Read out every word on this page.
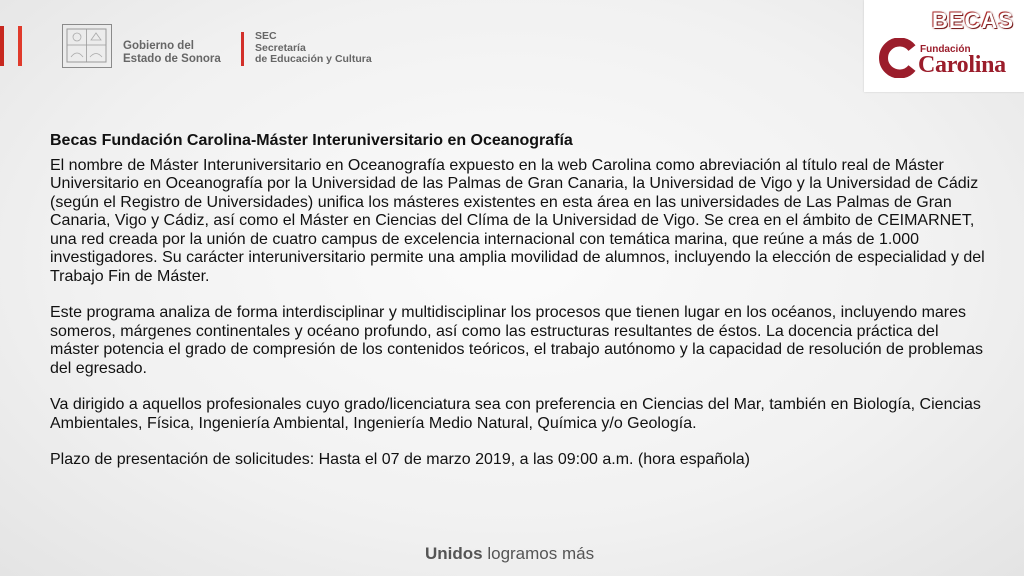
Gobierno del
Estado de Sonora
SEC
Secretaría
de Educación y Cultura
BECAS
Fundación
Carolina

Becas Fundación Carolina-Máster Interuniversitario en Oceanografía

El nombre de Máster Interuniversitario en Oceanografía expuesto en la web Carolina como abreviación al título real de Máster Universitario en Oceanografía por la Universidad de las Palmas de Gran Canaria, la Universidad de Vigo y la Universidad de Cádiz (según el Registro de Universidades) unifica los másteres existentes en esta área en las universidades de Las Palmas de Gran Canaria, Vigo y Cádiz, así como el Máster en Ciencias del Clíma de la Universidad de Vigo. Se crea en el ámbito de CEIMARNET, una red creada por la unión de cuatro campus de excelencia internacional con temática marina, que reúne a más de 1.000 investigadores. Su carácter interuniversitario permite una amplia movilidad de alumnos, incluyendo la elección de especialidad y del Trabajo Fin de Máster.

Este programa analiza de forma interdisciplinar y multidisciplinar los procesos que tienen lugar en los océanos, incluyendo mares someros, márgenes continentales y océano profundo, así como las estructuras resultantes de éstos. La docencia práctica del máster potencia el grado de compresión de los contenidos teóricos, el trabajo autónomo y la capacidad de resolución de problemas del egresado.

Va dirigido a aquellos profesionales cuyo grado/licenciatura sea con preferencia en Ciencias del Mar, también en Biología, Ciencias Ambientales, Física, Ingeniería Ambiental, Ingeniería Medio Natural, Química y/o Geología.

Plazo de presentación de solicitudes: Hasta el 07 de marzo 2019, a las 09:00 a.m. (hora española)

Unidos logramos más
